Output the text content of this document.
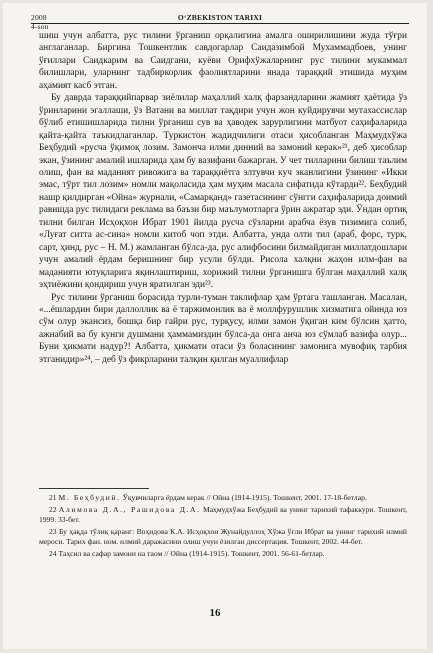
2008	O‘ZBEKISTON TARIXI
4-son

шиш учун албатта, рус тилини ўрганиш орқалигина амалга оширилишини жуда тўғри англаганлар. Биргина Тошкентлик савдогарлар Саидазимбой Мухаммадбоев, унинг ўғиллари Саидкарим ва Саидгани, куёви Орифхўжаларнинг рус тилини мукаммал билишлари, уларнинг тадбиркорлик фаолиятларини янада тараққий этишида муҳим аҳамият касб этган.

Бу даврда тараққийпарвар зиёлилар маҳаллий халқ фарзандларини жамият ҳаётида ўз ўринларини эгаллаши, ўз Ватани ва миллат тақдири учун жон куйдирувчи мутахассислар бўлиб етишишларида тилни ўрганиш сув ва ҳаводек зарурлигини матбуот саҳифаларида қайта-қайта таъкидлаганлар. Туркистон жадидчилиги отаси ҳисобланган Маҳмудхўжа Беҳбудий «русча ўқимоқ лозим. Замонча илми динний ва замоний керак»²¹, деб ҳисоблар экан, ўзининг амалий ишларида ҳам бу вазифани бажарган. У чет тилларини билиш таълим олиш, фан ва маданият ривожига ва тараққиётга элтувчи куч эканлигини ўзининг «Икки эмас, тўрт тил лозим» номли мақоласида ҳам муҳим масала сифатида кўтарди²². Беҳбудий нашр қилдирган «Ойна» журнали, «Самарқанд» газетасининг сўнгги саҳифаларида доимий равишда рус тилидаги реклама ва баъзи бир маълумотларга ўрин ажратар эди. Ўндан ортиқ тилни билган Исҳоқхон Ибрат 1901 йилда русча сўзларни арабча ёзув тизимига солиб, «Луғат ситта ас-сина» номли китоб чоп этди. Албатта, унда олти тил (араб, форс, турк, сарт, ҳинд, рус – Н. М.) жамланган бўлса-да, рус алифбосини билмайдиган миллатдошлари учун амалий ёрдам беришнинг бир усули бўлди. Рисола халқни жаҳон илм-фан ва маданияти ютуқларига яқинлаштириш, хорижий тилни ўрганишга бўлган маҳаллий халқ эҳтиёжини қондириш учун яратилган эди²³.

Рус тилини ўрганиш борасида турли-туман таклифлар ҳам ўртага ташланган. Масалан, «...ёшлардин бири даллоллик ва ё таржимонлик ва ё моллфурушлик хизматига ойинда юз сўм олур экансиз, бошқа бир гайри рус, турқусу, илми замон ўқиган ким бўлсин ҳатто, ажнабий ва бу кунги душмани ҳаммамиздин бўлса-да онга анча юз сўмлаб вазифа олур... Буни ҳикмати надур?! Албатта, ҳикмати отаси ўз боласининг замонига мувофиқ тарбия этганидир»²⁴, – деб ўз фикрларини талқин қилган муаллифлар

21 М. Беҳбудий. Ўқувчиларга ёрдам керак // Ойна (1914-1915). Тошкент, 2001. 17-18-бетлар.

22 Алимова Д.А., Рашидова Д.А. Маҳмудхўжа Беҳбудий ва унинг тарихий тафаккури. Тошкент, 1999. 33-бет.

23 Бу ҳақда тўлиқ қаранг: Воҳидова К.А. Исҳоқхон Жунайдуллоҳ Хўжа ўғли Ибрат ва унинг тарихий илмий мероси. Тарих фан. ном. илмий даражасини олиш учун ёзилган диссертация. Тошкент, 2002. 44-бет.

24 Таҳсил ва сафар замони на таом // Ойна (1914-1915). Тошкент, 2001. 56-61-бетлар.

16
